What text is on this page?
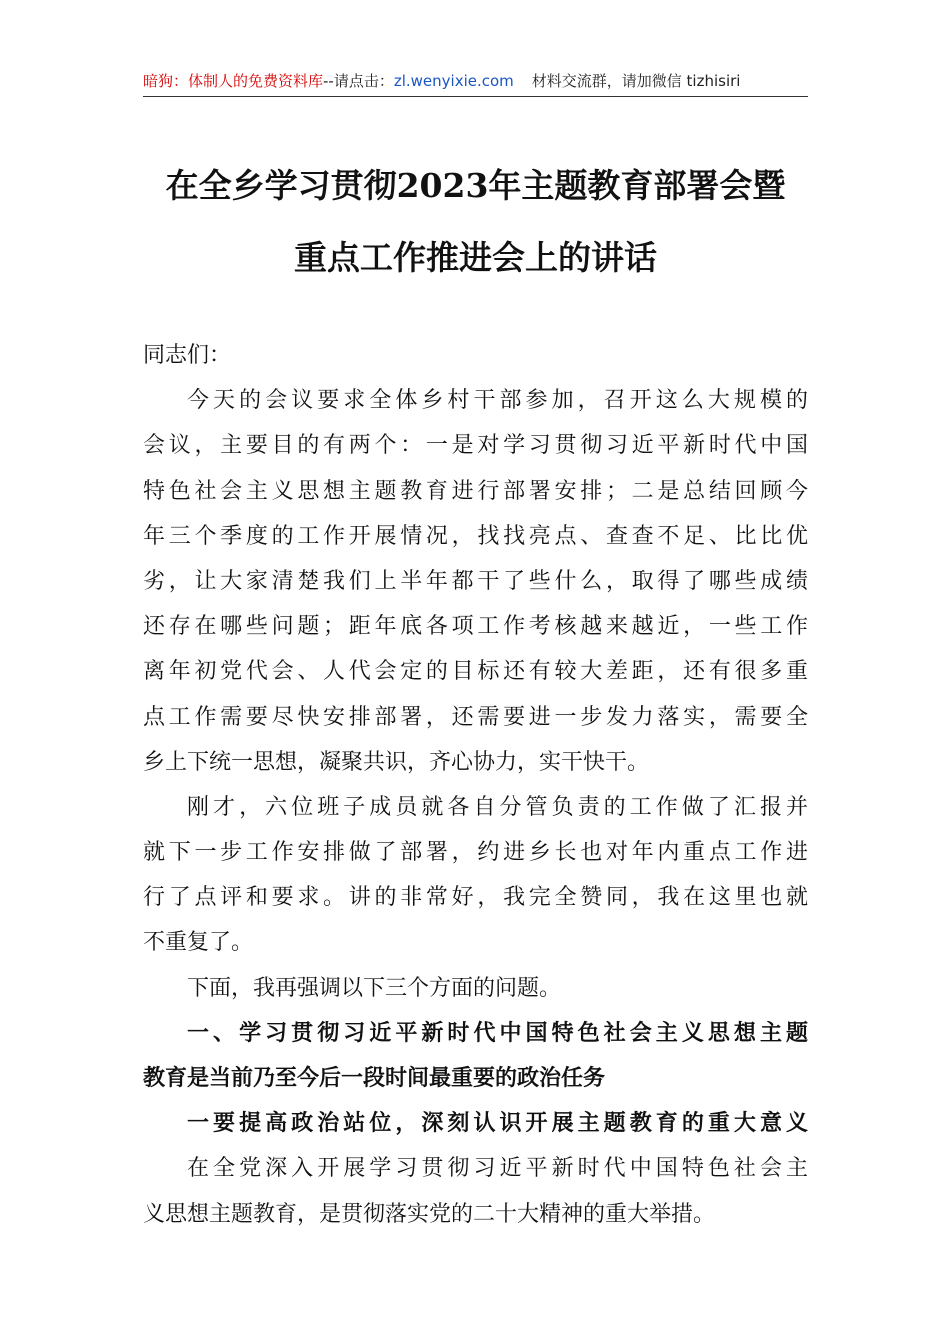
暗狗：体制人的免费资料库--请点击：zl.wenyixie.com 材料交流群，请加微信 tizhisiri
在全乡学习贯彻2023年主题教育部署会暨
重点工作推进会上的讲话
同志们：
今天的会议要求全体乡村干部参加，召开这么大规模的
会议，主要目的有两个：一是对学习贯彻习近平新时代中国
特色社会主义思想主题教育进行部署安排；二是总结回顾今
年三个季度的工作开展情况，找找亮点、查查不足、比比优
劣，让大家清楚我们上半年都干了些什么，取得了哪些成绩
还存在哪些问题；距年底各项工作考核越来越近，一些工作
离年初党代会、人代会定的目标还有较大差距，还有很多重
点工作需要尽快安排部署，还需要进一步发力落实，需要全
乡上下统一思想，凝聚共识，齐心协力，实干快干。
刚才，六位班子成员就各自分管负责的工作做了汇报并
就下一步工作安排做了部署，约进乡长也对年内重点工作进
行了点评和要求。讲的非常好，我完全赞同，我在这里也就
不重复了。
下面，我再强调以下三个方面的问题。
一、学习贯彻习近平新时代中国特色社会主义思想主题
教育是当前乃至今后一段时间最重要的政治任务
一要提高政治站位，深刻认识开展主题教育的重大意义
在全党深入开展学习贯彻习近平新时代中国特色社会主
义思想主题教育，是贯彻落实党的二十大精神的重大举措。
